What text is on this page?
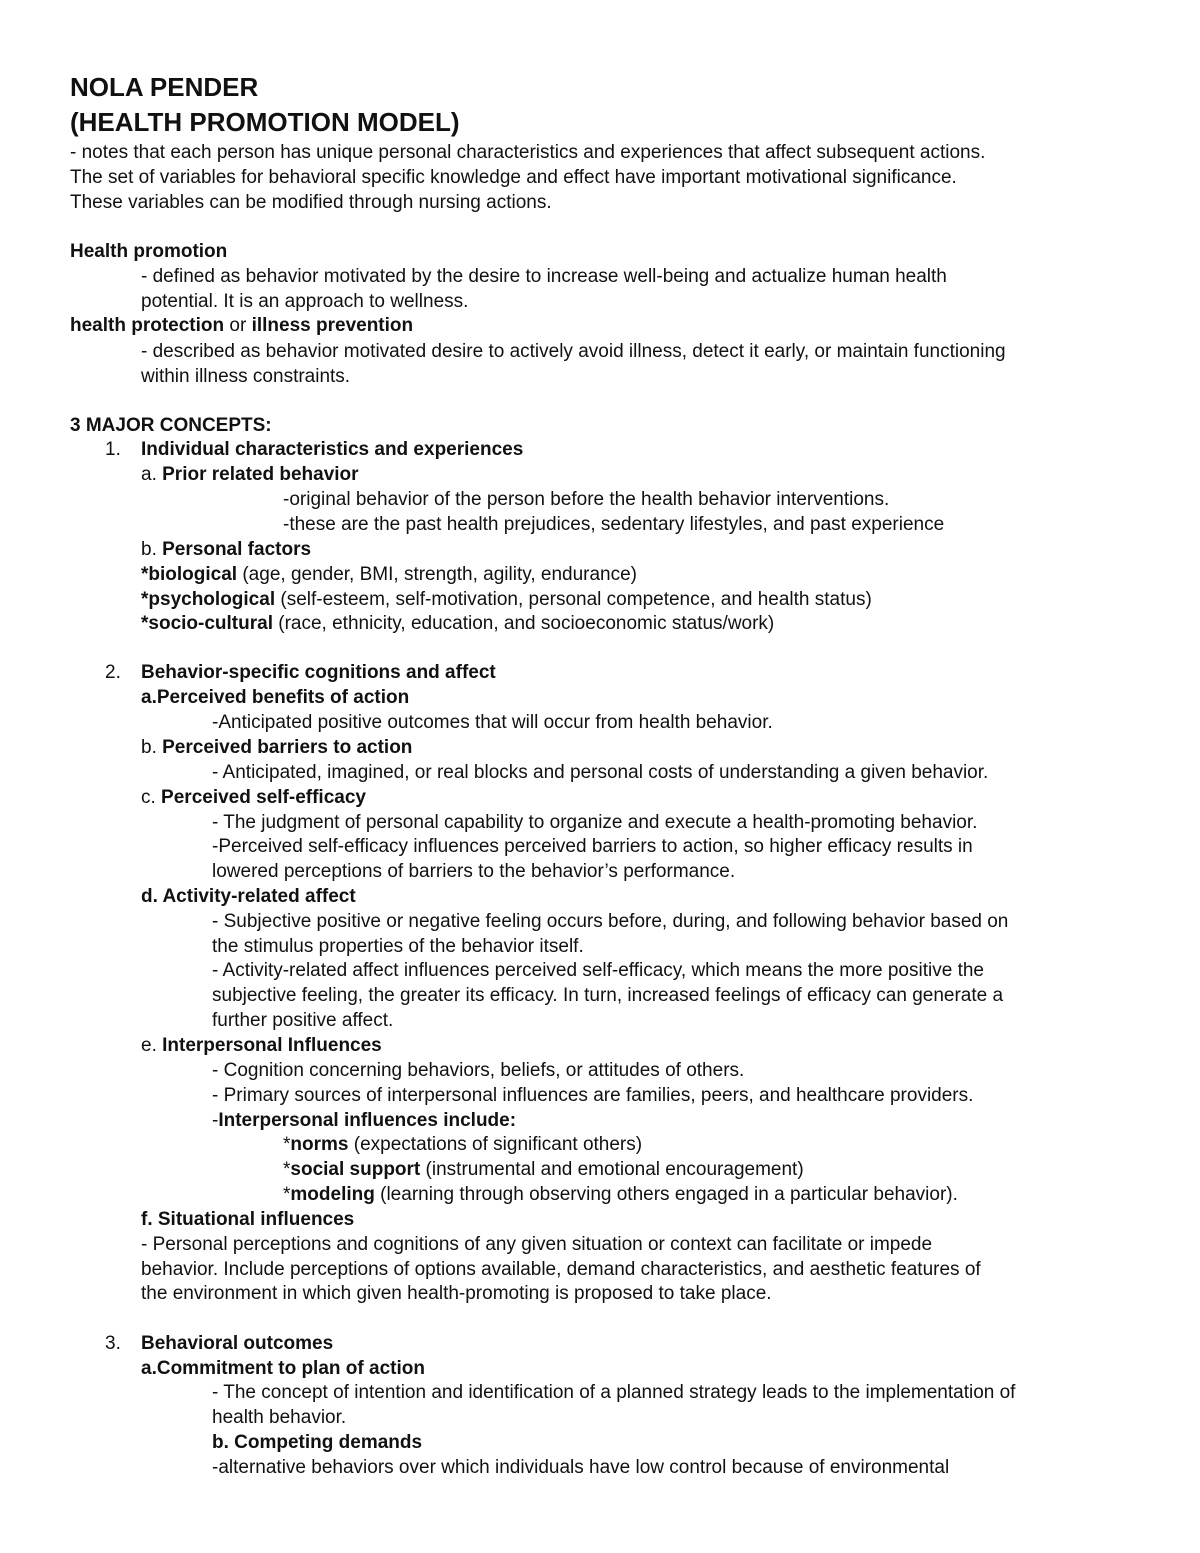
NOLA PENDER
(HEALTH PROMOTION MODEL)
- notes that each person has unique personal characteristics and experiences that affect subsequent actions.
The set of variables for behavioral specific knowledge and effect have important motivational significance.
These variables can be modified through nursing actions.
Health promotion
- defined as behavior motivated by the desire to increase well-being and actualize human health
potential. It is an approach to wellness.
health protection or illness prevention
- described as behavior motivated desire to actively avoid illness, detect it early, or maintain functioning
within illness constraints.
3 MAJOR CONCEPTS:
1. Individual characteristics and experiences
a. Prior related behavior
-original behavior of the person before the health behavior interventions.
-these are the past health prejudices, sedentary lifestyles, and past experience
b. Personal factors
*biological (age, gender, BMI, strength, agility, endurance)
*psychological (self-esteem, self-motivation, personal competence, and health status)
*socio-cultural (race, ethnicity, education, and socioeconomic status/work)
2. Behavior-specific cognitions and affect
a.Perceived benefits of action
-Anticipated positive outcomes that will occur from health behavior.
b. Perceived barriers to action
- Anticipated, imagined, or real blocks and personal costs of understanding a given behavior.
c. Perceived self-efficacy
- The judgment of personal capability to organize and execute a health-promoting behavior.
-Perceived self-efficacy influences perceived barriers to action, so higher efficacy results in
lowered perceptions of barriers to the behavior’s performance.
d. Activity-related affect
- Subjective positive or negative feeling occurs before, during, and following behavior based on
the stimulus properties of the behavior itself.
- Activity-related affect influences perceived self-efficacy, which means the more positive the
subjective feeling, the greater its efficacy. In turn, increased feelings of efficacy can generate a
further positive affect.
e. Interpersonal Influences
- Cognition concerning behaviors, beliefs, or attitudes of others.
- Primary sources of interpersonal influences are families, peers, and healthcare providers.
-Interpersonal influences include:
*norms (expectations of significant others)
*social support (instrumental and emotional encouragement)
*modeling (learning through observing others engaged in a particular behavior).
f. Situational influences
- Personal perceptions and cognitions of any given situation or context can facilitate or impede
behavior. Include perceptions of options available, demand characteristics, and aesthetic features of
the environment in which given health-promoting is proposed to take place.
3. Behavioral outcomes
a.Commitment to plan of action
- The concept of intention and identification of a planned strategy leads to the implementation of
health behavior.
b. Competing demands
-alternative behaviors over which individuals have low control because of environmental
